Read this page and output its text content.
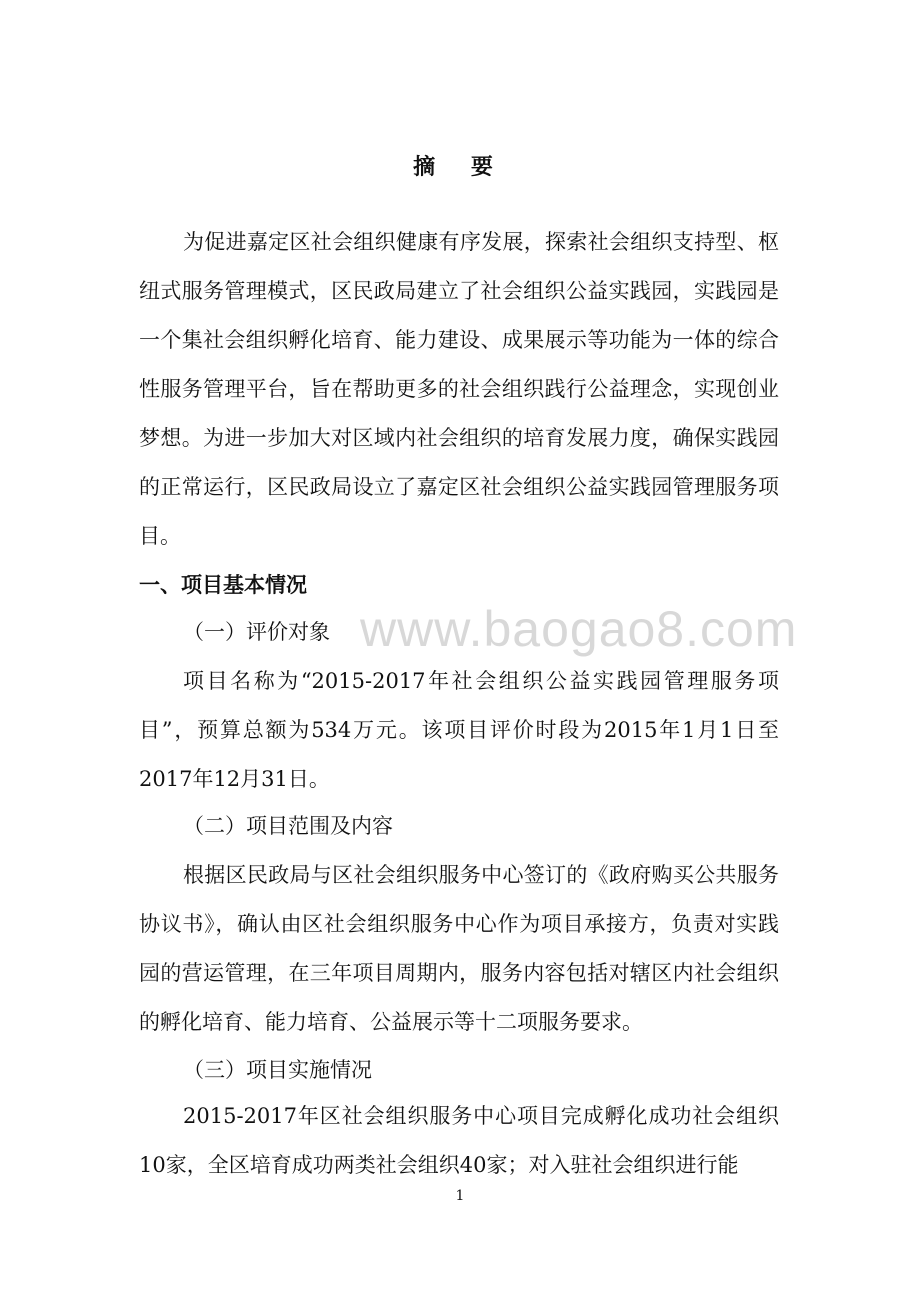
摘 要

为促进嘉定区社会组织健康有序发展，探索社会组织支持型、枢纽式服务管理模式，区民政局建立了社会组织公益实践园，实践园是一个集社会组织孵化培育、能力建设、成果展示等功能为一体的综合性服务管理平台，旨在帮助更多的社会组织践行公益理念，实现创业梦想。为进一步加大对区域内社会组织的培育发展力度，确保实践园的正常运行，区民政局设立了嘉定区社会组织公益实践园管理服务项目。

一、项目基本情况
（一）评价对象

项目名称为“2015-2017年社会组织公益实践园管理服务项目”，预算总额为534万元。该项目评价时段为2015年1月1日至2017年12月31日。

（二）项目范围及内容

根据区民政局与区社会组织服务中心签订的《政府购买公共服务协议书》，确认由区社会组织服务中心作为项目承接方，负责对实践园的营运管理，在三年项目周期内，服务内容包括对辖区内社会组织的孵化培育、能力培育、公益展示等十二项服务要求。

（三）项目实施情况

2015-2017年区社会组织服务中心项目完成孵化成功社会组织10家，全区培育成功两类社会组织40家；对入驻社会组织进行能

www.baogao8.com
1
